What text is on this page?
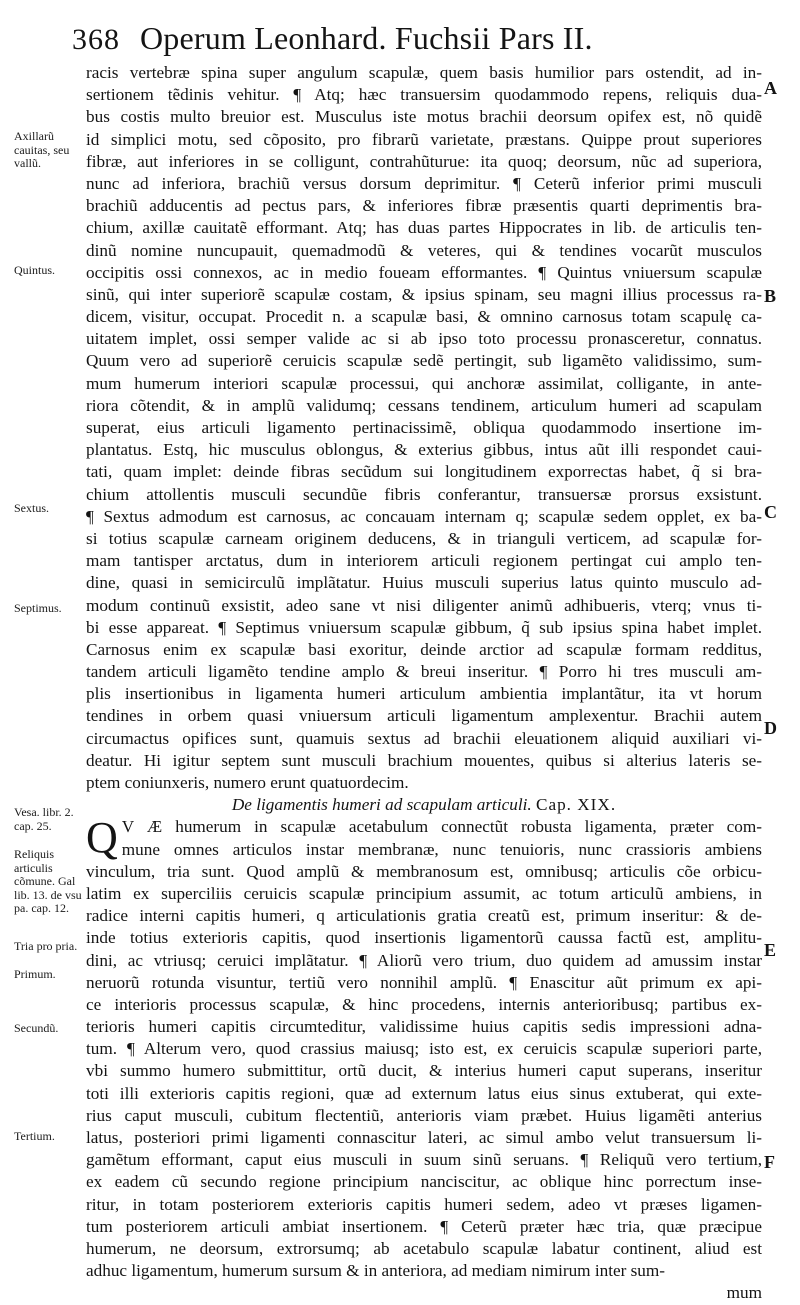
368 Operum Leonhard. Fuchsii Pars II.
racis vertebræ spina super angulum scapulæ, quem basis humilior pars ostendit, ad in-
sertionem tẽdinis vehitur. ¶ Atq; hæc transuersim quodammodo repens, reliquis dua-
bus costis multo breuior est. Musculus iste motus brachii deorsum opifex est, nõ quidẽ
id simplici motu, sed cõposito, pro fibrarũ varietate, præstans. Quippe prout superiores
fibræ, aut inferiores in se colligunt, contrahũturue: ita quoq; deorsum, nũc ad superiora,
nunc ad inferiora, brachiũ versus dorsum deprimitur. ¶ Ceterũ inferior primi musculi
brachiũ adducentis ad pectus pars, & inferiores fibræ præsentis quarti deprimentis bra-
chium, axillæ cauitatẽ efformant. Atq; has duas partes Hippocrates in lib. de articulis ten-
dinũ nomine nuncupauit, quemadmodũ & veteres, qui & tendines vocarũt musculos
occipitis ossi connexos, ac in medio foueam efformantes. ¶ Quintus vniuersum scapulæ
sinũ, qui inter superiorẽ scapulæ costam, & ipsius spinam, seu magni illius processus ra-
dicem, visitur, occupat. Procedit n. a scapulæ basi, & omnino carnosus totam scapulę ca-
uitatem implet, ossi semper valide ac si ab ipso toto processu pronasceretur, connatus.
Quum vero ad superiorẽ ceruicis scapulæ sedẽ pertingit, sub ligamẽto validissimo, sum-
mum humerum interiori scapulæ processui, qui anchoræ assimilat, colligante, in ante-
riora cõtendit, & in amplũ validumq; cessans tendinem, articulum humeri ad scapulam
superat, eius articuli ligamento pertinacissimẽ, obliqua quodammodo insertione im-
plantatus. Estq, hic musculus oblongus, & exterius gibbus, intus aũt illi respondet caui-
tati, quam implet: deinde fibras secũdum sui longitudinem exporrectas habet, q̃ si bra-
chium attollentis musculi secundũe fibris conferantur, transuersæ prorsus exsistunt.
¶ Sextus admodum est carnosus, ac concauam internam q; scapulæ sedem opplet, ex ba-
si totius scapulæ carneam originem deducens, & in trianguli verticem, ad scapulæ for-
mam tantisper arctatus, dum in interiorem articuli regionem pertingat cui amplo ten-
dine, quasi in semicirculũ implãtatur. Huius musculi superius latus quinto musculo ad-
modum continuũ exsistit, adeo sane vt nisi diligenter animũ adhibueris, vterq; vnus ti-
bi esse appareat. ¶ Septimus vniuersum scapulæ gibbum, q̃ sub ipsius spina habet implet.
Carnosus enim ex scapulæ basi exoritur, deinde arctior ad scapulæ formam redditus,
tandem articuli ligamẽto tendine amplo & breui inseritur. ¶ Porro hi tres musculi am-
plis insertionibus in ligamenta humeri articulum ambientia implantãtur, ita vt horum
tendines in orbem quasi vniuersum articuli ligamentum amplexentur. Brachii autem
circumactus opifices sunt, quamuis sextus ad brachii eleuationem aliquid auxiliari vi-
deatur. Hi igitur septem sunt musculi brachium mouentes, quibus si alterius lateris se-
ptem coniunxeris, numero erunt quatuordecim.
De ligamentis humeri ad scapulam articuli. Cap. XIX.
Q V Æ humerum in scapulæ acetabulum connectũt robusta ligamenta, præter com-
mune omnes articulos instar membranæ, nunc tenuioris, nunc crassioris ambiens
vinculum, tria sunt. Quod amplũ & membranosum est, omnibusq; articulis cõe orbicu-
latim ex superciliis ceruicis scapulæ principium assumit, ac totum articulũ ambiens, in
radice interni capitis humeri, q articulationis gratia creatũ est, primum inseritur: & de-
inde totius exterioris capitis, quod insertionis ligamentorũ caussa factũ est, amplitu-
dini, ac vtriusq; ceruici implãtatur. ¶ Aliorũ vero trium, duo quidem ad amussim instar
neruorũ rotunda visuntur, tertiũ vero nonnihil amplũ. ¶ Enascitur aũt primum ex api-
ce interioris processus scapulæ, & hinc procedens, internis anterioribusq; partibus ex-
terioris humeri capitis circumteditur, validissime huius capitis sedis impressioni adna-
tum. ¶ Alterum vero, quod crassius maiusq; isto est, ex ceruicis scapulæ superiori parte,
vbi summo humero submittitur, ortũ ducit, & interius humeri caput superans, inseritur
toti illi exterioris capitis regioni, quæ ad externum latus eius sinus extuberat, qui exte-
rius caput musculi, cubitum flectentiũ, anterioris viam præbet. Huius ligamẽti anterius
latus, posteriori primi ligamenti connascitur lateri, ac simul ambo velut transuersum li-
gamẽtum efformant, caput eius musculi in suum sinũ seruans. ¶ Reliquũ vero tertium,
ex eadem cũ secundo regione principium nanciscitur, ac oblique hinc porrectum inse-
ritur, in totam posteriorem exterioris capitis humeri sedem, adeo vt præses ligamen-
tum posteriorem articuli ambiat insertionem. ¶ Ceterũ præter hæc tria, quæ præcipue
humerum, ne deorsum, extrorsumq; ab acetabulo scapulæ labatur continent, aliud est
adhuc ligamentum, humerum sursum & in anteriora, ad mediam nimirum inter sum-
mum
Axillarũ cauitas, seu vallũ.
Quintus.
Sextus.
Septimus.
Vesa. libr. 2. cap. 25.
Reliquis articulis cõmune. Gal lib. 13. de vsu pa. cap. 12.
Tria pro pria.
Primum.
Secundũ.
Tertium.
A
B
C
D
E
F
